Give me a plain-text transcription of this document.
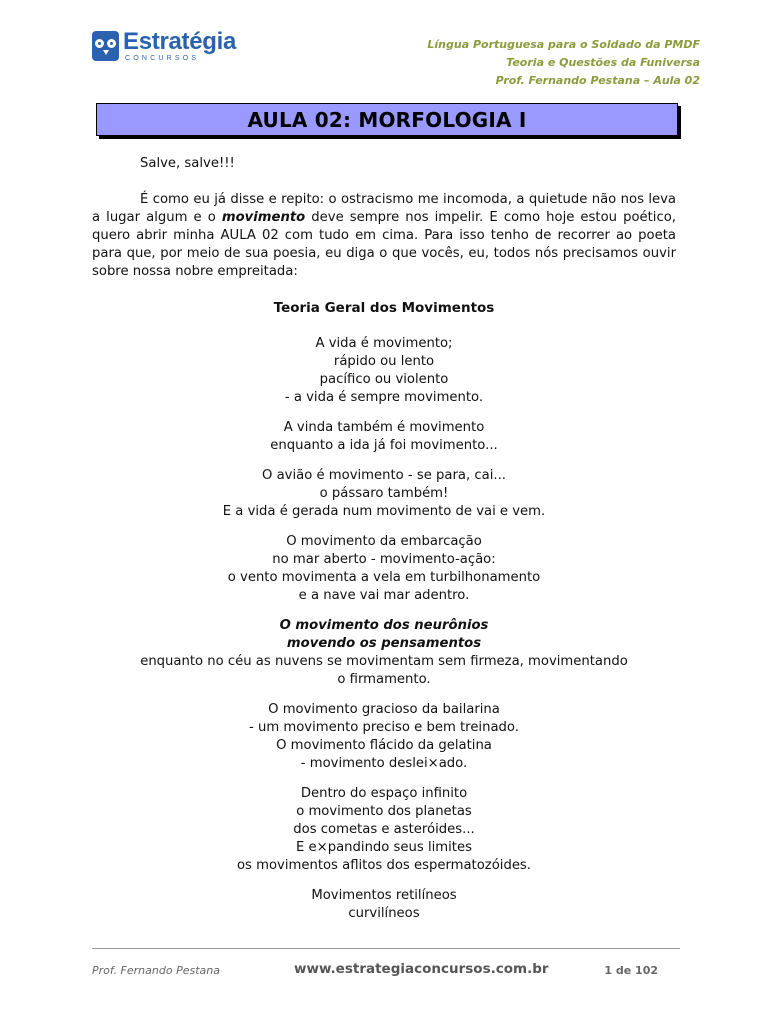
Estratégia
CONCURSOS
Língua Portuguesa para o Soldado da PMDF
Teoria e Questões da Funiversa
Prof. Fernando Pestana – Aula 02
AULA 02: MORFOLOGIA I

Salve, salve!!!

É como eu já disse e repito: o ostracismo me incomoda, a quietude não nos leva a lugar algum e o movimento deve sempre nos impelir. E como hoje estou poético, quero abrir minha AULA 02 com tudo em cima. Para isso tenho de recorrer ao poeta para que, por meio de sua poesia, eu diga o que vocês, eu, todos nós precisamos ouvir sobre nossa nobre empreitada:

Teoria Geral dos Movimentos

A vida é movimento;
rápido ou lento
pacífico ou violento
- a vida é sempre movimento.
A vinda também é movimento
enquanto a ida já foi movimento...
O avião é movimento - se para, cai...
o pássaro também!
E a vida é gerada num movimento de vai e vem.
O movimento da embarcação
no mar aberto - movimento-ação:
o vento movimenta a vela em turbilhonamento
e a nave vai mar adentro.
O movimento dos neurônios
movendo os pensamentos
enquanto no céu as nuvens se movimentam sem firmeza, movimentando
o firmamento.
O movimento gracioso da bailarina
- um movimento preciso e bem treinado.
O movimento flácido da gelatina
- movimento deslei×ado.
Dentro do espaço infinito
o movimento dos planetas
dos cometas e asteróides...
E e×pandindo seus limites
os movimentos aflitos dos espermatozóides.
Movimentos retilíneos
curvilíneos
Prof. Fernando Pestana	www.estrategiaconcursos.com.br	1 de 102
